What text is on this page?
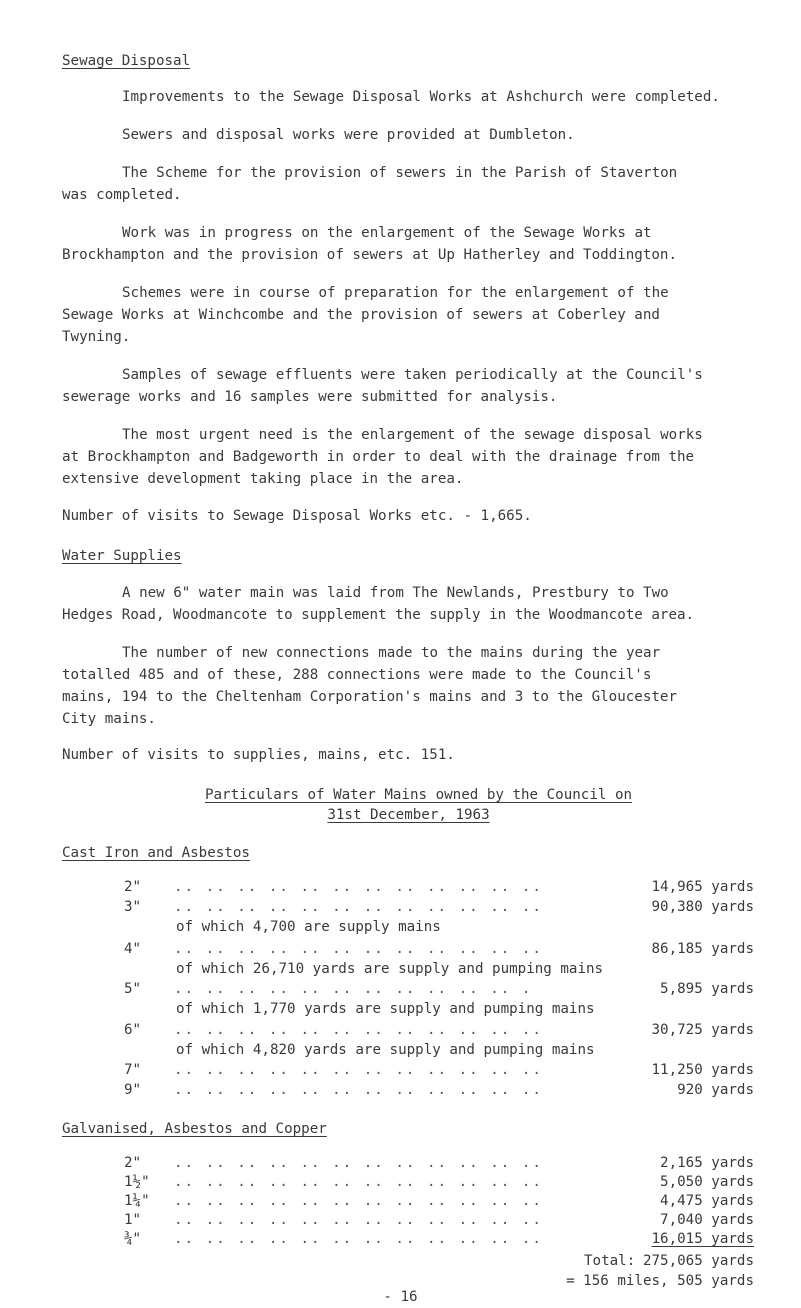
Sewage Disposal
Improvements to the Sewage Disposal Works at Ashchurch were completed.
Sewers and disposal works were provided at Dumbleton.
The Scheme for the provision of sewers in the Parish of Staverton
was completed.
Work was in progress on the enlargement of the Sewage Works at
Brockhampton and the provision of sewers at Up Hatherley and Toddington.
Schemes were in course of preparation for the enlargement of the
Sewage Works at Winchcombe and the provision of sewers at Coberley and
Twyning.
Samples of sewage effluents were taken periodically at the Council's
sewerage works and 16 samples were submitted for analysis.
The most urgent need is the enlargement of the sewage disposal works
at Brockhampton and Badgeworth in order to deal with the drainage from the
extensive development taking place in the area.
Number of visits to Sewage Disposal Works etc. - 1,665.
Water Supplies
A new 6" water main was laid from The Newlands, Prestbury to Two
Hedges Road, Woodmancote to supplement the supply in the Woodmancote area.
The number of new connections made to the mains during the year
totalled 485 and of these, 288 connections were made to the Council's
mains, 194 to the Cheltenham Corporation's mains and 3 to the Gloucester
City mains.
Number of visits to supplies, mains, etc. 151.
Particulars of Water Mains owned by the Council on
31st December, 1963
Cast Iron and Asbestos
2" .. .. .. .. .. .. .. .. .. .. .. ..	14,965 yards
3" .. .. .. .. .. .. .. .. .. .. .. ..	90,380 yards
of which 4,700 are supply mains
4" .. .. .. .. .. .. .. .. .. .. .. ..	86,185 yards
of which 26,710 yards are supply and pumping mains
5" .. .. .. .. .. .. .. .. .. .. .. .	5,895 yards
of which 1,770 yards are supply and pumping mains
6" .. .. .. .. .. .. .. .. .. .. .. ..	30,725 yards
of which 4,820 yards are supply and pumping mains
7" .. .. .. .. .. .. .. .. .. .. .. ..	11,250 yards
9" .. .. .. .. .. .. .. .. .. .. .. ..	920 yards
Galvanised, Asbestos and Copper
2" .. .. .. .. .. .. .. .. .. .. .. ..	2,165 yards
1½" .. .. .. .. .. .. .. .. .. .. .. ..	5,050 yards
1¼" .. .. .. .. .. .. .. .. .. .. .. ..	4,475 yards
1" .. .. .. .. .. .. .. .. .. .. .. ..	7,040 yards
¾" .. .. .. .. .. .. .. .. .. .. .. ..	16,015 yards
Total: 275,065 yards
= 156 miles, 505 yards
- 16
